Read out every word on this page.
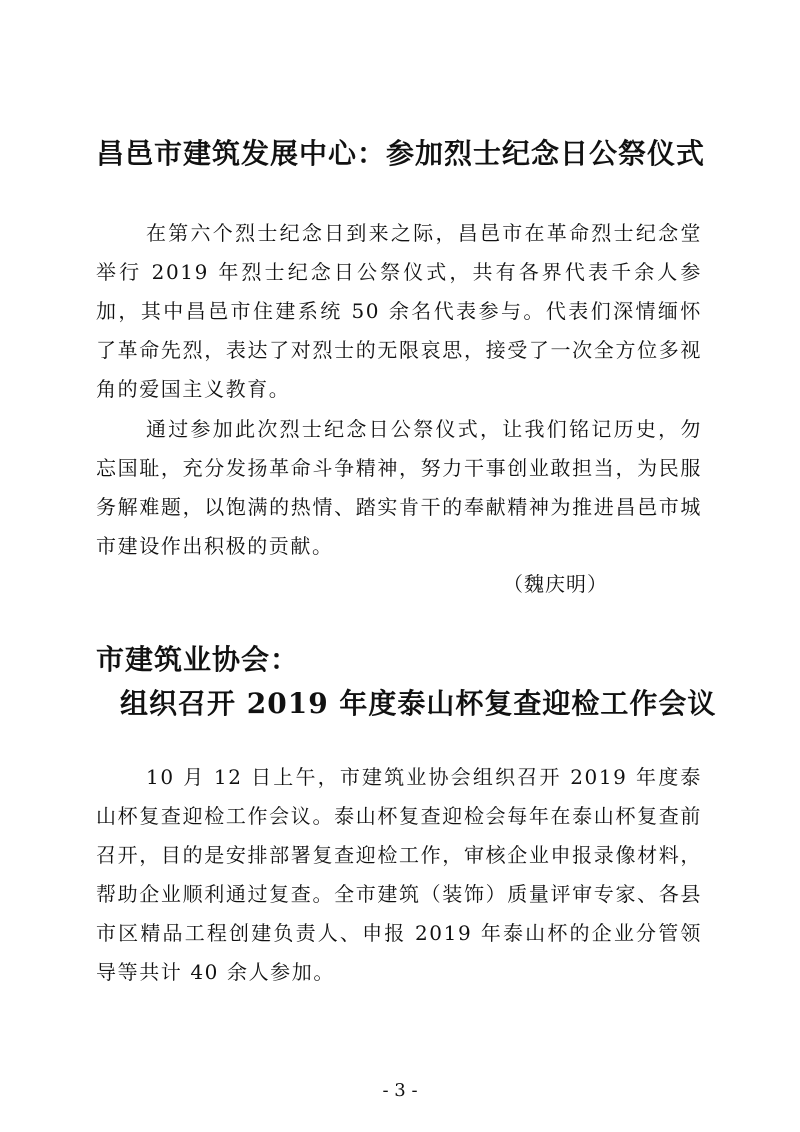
昌邑市建筑发展中心：参加烈士纪念日公祭仪式

在第六个烈士纪念日到来之际，昌邑市在革命烈士纪念堂举行 2019 年烈士纪念日公祭仪式，共有各界代表千余人参加，其中昌邑市住建系统 50 余名代表参与。代表们深情缅怀了革命先烈，表达了对烈士的无限哀思，接受了一次全方位多视角的爱国主义教育。

通过参加此次烈士纪念日公祭仪式，让我们铭记历史，勿忘国耻，充分发扬革命斗争精神，努力干事创业敢担当，为民服务解难题，以饱满的热情、踏实肯干的奉献精神为推进昌邑市城市建设作出积极的贡献。

（魏庆明）
市建筑业协会：
组织召开 2019 年度泰山杯复查迎检工作会议

10 月 12 日上午，市建筑业协会组织召开 2019 年度泰山杯复查迎检工作会议。泰山杯复查迎检会每年在泰山杯复查前召开，目的是安排部署复查迎检工作，审核企业申报录像材料，帮助企业顺利通过复查。全市建筑（装饰）质量评审专家、各县市区精品工程创建负责人、申报 2019 年泰山杯的企业分管领导等共计 40 余人参加。

- 3 -
